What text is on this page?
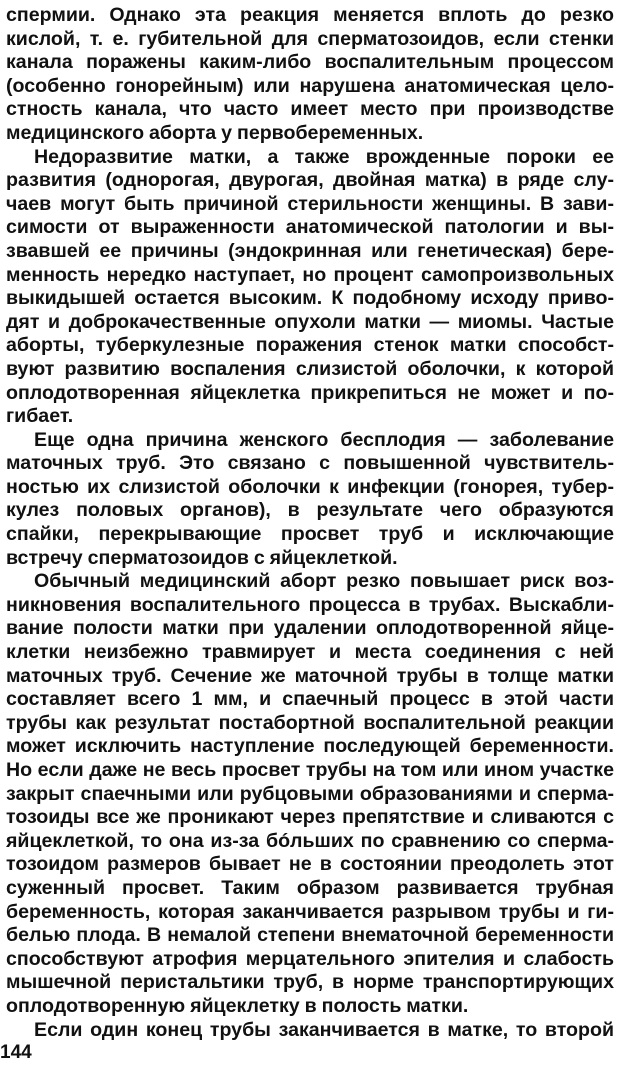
спермии. Однако эта реакция меняется вплоть до резко
кислой, т. е. губительной для сперматозоидов, если стенки
канала поражены каким-либо воспалительным процессом
(особенно гонорейным) или нарушена анатомическая цело-
стность канала, что часто имеет место при производстве
медицинского аборта у первобеременных.

Недоразвитие матки, а также врожденные пороки ее
развития (однорогая, двурогая, двойная матка) в ряде слу-
чаев могут быть причиной стерильности женщины. В зави-
симости от выраженности анатомической патологии и вы-
звавшей ее причины (эндокринная или генетическая) бере-
менность нередко наступает, но процент самопроизвольных
выкидышей остается высоким. К подобному исходу приво-
дят и доброкачественные опухоли матки — миомы. Частые
аборты, туберкулезные поражения стенок матки способст-
вуют развитию воспаления слизистой оболочки, к которой
оплодотворенная яйцеклетка прикрепиться не может и по-
гибает.

Еще одна причина женского бесплодия — заболевание
маточных труб. Это связано с повышенной чувствитель-
ностью их слизистой оболочки к инфекции (гонорея, тубер-
кулез половых органов), в результате чего образуются
спайки, перекрывающие просвет труб и исключающие
встречу сперматозоидов с яйцеклеткой.

Обычный медицинский аборт резко повышает риск воз-
никновения воспалительного процесса в трубах. Выскабли-
вание полости матки при удалении оплодотворенной яйце-
клетки неизбежно травмирует и места соединения с ней
маточных труб. Сечение же маточной трубы в толще матки
составляет всего 1 мм, и спаечный процесс в этой части
трубы как результат постабортной воспалительной реакции
может исключить наступление последующей беременности.
Но если даже не весь просвет трубы на том или ином участке
закрыт спаечными или рубцовыми образованиями и сперма-
тозоиды все же проникают через препятствие и сливаются с
яйцеклеткой, то она из-за бóльших по сравнению со сперма-
тозоидом размеров бывает не в состоянии преодолеть этот
суженный просвет. Таким образом развивается трубная
беременность, которая заканчивается разрывом трубы и ги-
белью плода. В немалой степени внематочной беременности
способствуют атрофия мерцательного эпителия и слабость
мышечной перистальтики труб, в норме транспортирующих
оплодотворенную яйцеклетку в полость матки.

Если один конец трубы заканчивается в матке, то второй

144
